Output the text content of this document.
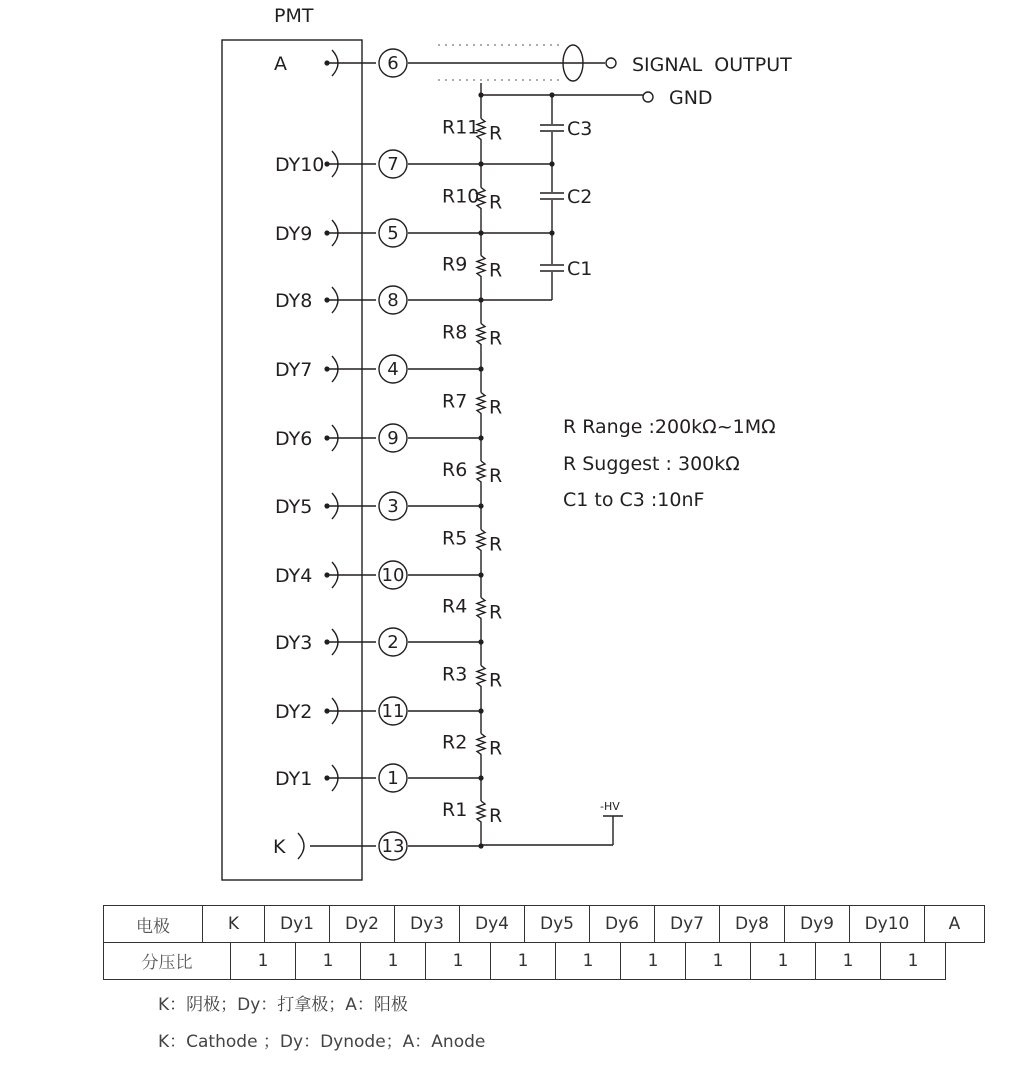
PMT
SIGNAL  OUTPUT
GND
C3
C2
C1
A	6
DY10	7
DY9	5
DY8	8
DY7	4
DY6	9
DY5	3
DY4	10
DY3	2
DY2	11
DY1	1
K	13
R11 R
R10 R
R9 R
R8 R
R7 R
R6 R
R5 R
R4 R
R3 R
R2 R
R1 R	-HV
R Range :200kΩ~1MΩ
R Suggest : 300kΩ
C1 to C3 :10nF
电极	K	Dy1	Dy2	Dy3	Dy4	Dy5	Dy6	Dy7	Dy8	Dy9	Dy10	A
分压比	1	1	1	1	1	1	1	1	1	1	1
K：阴极；Dy：打拿极；A：阳极
K：Cathode ；Dy：Dynode；A：Anode
